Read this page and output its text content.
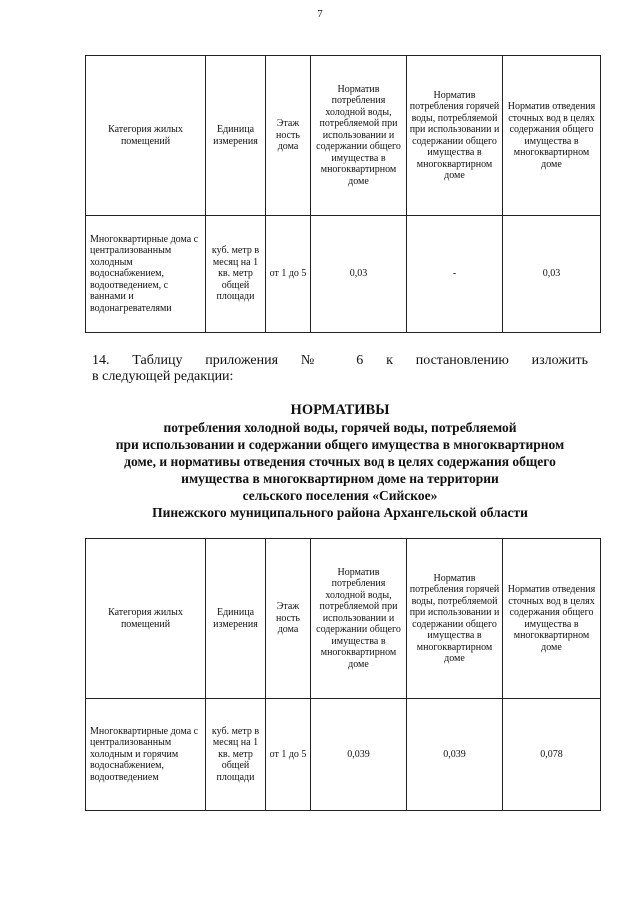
7
Категория жилых помещений	Единица измерения	Этаж ность дома	Норматив потребления холодной воды, потребляемой при использовании и содержании общего имущества в многоквартирном доме	Норматив потребления горячей воды, потребляемой при использовании и содержании общего имущества в многоквартирном доме	Норматив отведения сточных вод в целях содержания общего имущества в многоквартирном доме
Многоквартирные дома с централизованным холодным водоснабжением, водоотведением, с ваннами и водонагревателями	куб. метр в месяц на 1 кв. метр общей площади	от 1 до 5	0,03	-	0,03
14. Таблицу приложения № 6 к постановлению изложить
в следующей редакции:
НОРМАТИВЫ
потребления холодной воды, горячей воды, потребляемой
при использовании и содержании общего имущества в многоквартирном
доме, и нормативы отведения сточных вод в целях содержания общего
имущества в многоквартирном доме на территории
сельского поселения «Сийское»
Пинежского муниципального района Архангельской области
Категория жилых помещений	Единица измерения	Этаж ность дома	Норматив потребления холодной воды, потребляемой при использовании и содержании общего имущества в многоквартирном доме	Норматив потребления горячей воды, потребляемой при использовании и содержании общего имущества в многоквартирном доме	Норматив отведения сточных вод в целях содержания общего имущества в многоквартирном доме
Многоквартирные дома с централизованным холодным и горячим водоснабжением, водоотведением	куб. метр в месяц на 1 кв. метр общей площади	от 1 до 5	0,039	0,039	0,078
